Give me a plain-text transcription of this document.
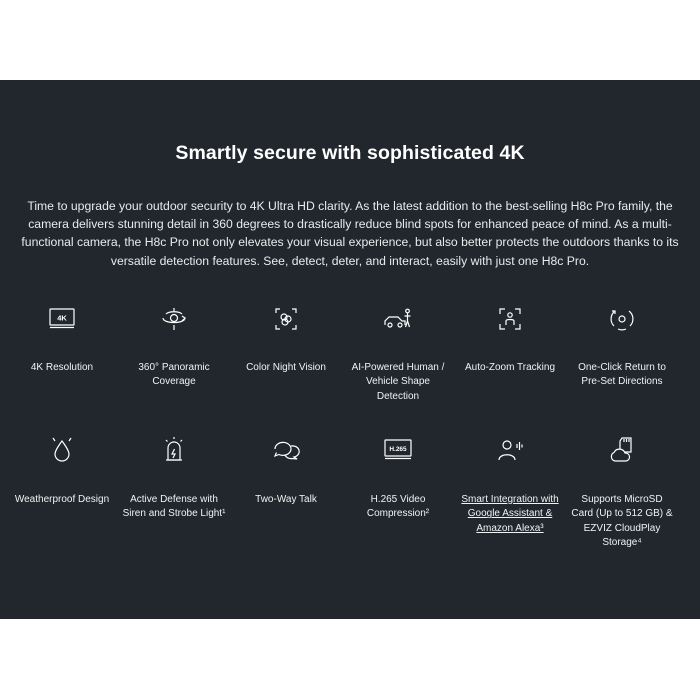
Smartly secure with sophisticated 4K
Time to upgrade your outdoor security to 4K Ultra HD clarity. As the latest addition to the best-selling H8c Pro family, the camera delivers stunning detail in 360 degrees to drastically reduce blind spots for enhanced peace of mind. As a multi-functional camera, the H8c Pro not only elevates your visual experience, but also better protects the outdoors thanks to its versatile detection features. See, detect, deter, and interact, easily with just one H8c Pro.
4K
4K Resolution	360° Panoramic Coverage
Color Night Vision	AI-Powered Human / Vehicle Shape Detection
Auto-Zoom Tracking	One-Click Return to Pre-Set Directions
Weatherproof Design	Active Defense with Siren and Strobe Light¹
Two-Way Talk
H.265
H.265 Video Compression²
Smart Integration with Google Assistant & Amazon Alexa³
Supports MicroSD Card (Up to 512 GB) & EZVIZ CloudPlay Storage⁴
